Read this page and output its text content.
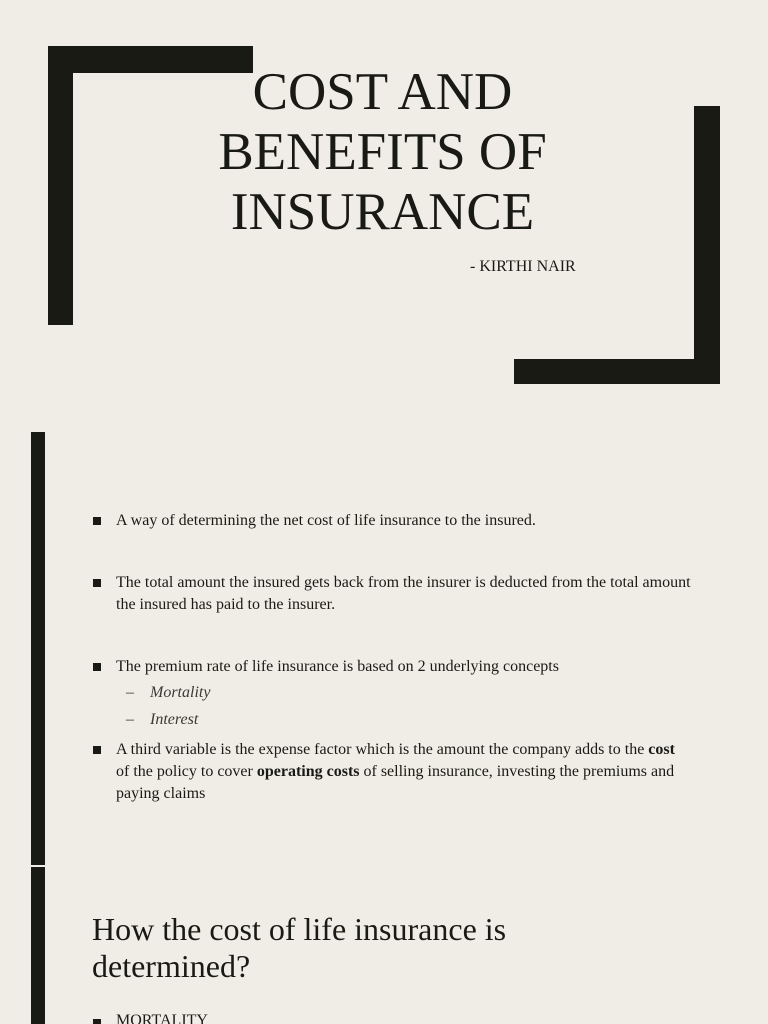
COST AND
BENEFITS OF
INSURANCE
- KIRTHI NAIR
A way of determining the net cost of life insurance to the insured.
The total amount the insured gets back from the insurer is deducted from the total amount the insured has paid to the insurer.
The premium rate of life insurance is based on 2 underlying concepts
– Mortality
– Interest
A third variable is the expense factor which is the amount the company adds to the cost of the policy to cover operating costs of selling insurance, investing the premiums and paying claims
How the cost of life insurance is determined?
MORTALITY
